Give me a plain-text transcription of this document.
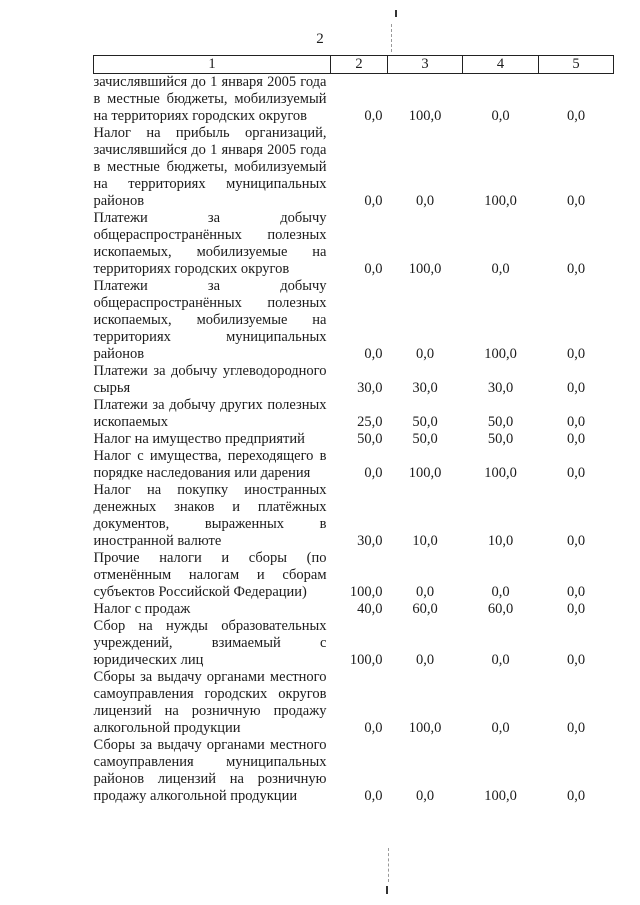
2
1	2	3	4	5
зачислявшийся до 1 января 2005 года в местные бюджеты, мобилизуемый на территориях городских округов	0,0	100,0	0,0	0,0
Налог на прибыль организаций, зачислявшийся до 1 января 2005 года в местные бюджеты, мобилизуемый на территориях муниципальных районов	0,0	0,0	100,0	0,0
Платежи за добычу общераспространённых полезных ископаемых, мобилизуемые на территориях городских округов	0,0	100,0	0,0	0,0
Платежи за добычу общераспространённых полезных ископаемых, мобилизуемые на территориях муниципальных районов	0,0	0,0	100,0	0,0
Платежи за добычу углеводородного сырья	30,0	30,0	30,0	0,0
Платежи за добычу других полезных ископаемых	25,0	50,0	50,0	0,0
Налог на имущество предприятий	50,0	50,0	50,0	0,0
Налог с имущества, переходящего в порядке наследования или дарения	0,0	100,0	100,0	0,0
Налог на покупку иностранных денежных знаков и платёжных документов, выраженных в иностранной валюте	30,0	10,0	10,0	0,0
Прочие налоги и сборы (по отменённым налогам и сборам субъектов Российской Федерации)	100,0	0,0	0,0	0,0
Налог с продаж	40,0	60,0	60,0	0,0
Сбор на нужды образовательных учреждений, взимаемый с юридических лиц	100,0	0,0	0,0	0,0
Сборы за выдачу органами местного самоуправления городских округов лицензий на розничную продажу алкогольной продукции	0,0	100,0	0,0	0,0
Сборы за выдачу органами местного самоуправления муниципальных районов лицензий на розничную продажу алкогольной продукции	0,0	0,0	100,0	0,0
